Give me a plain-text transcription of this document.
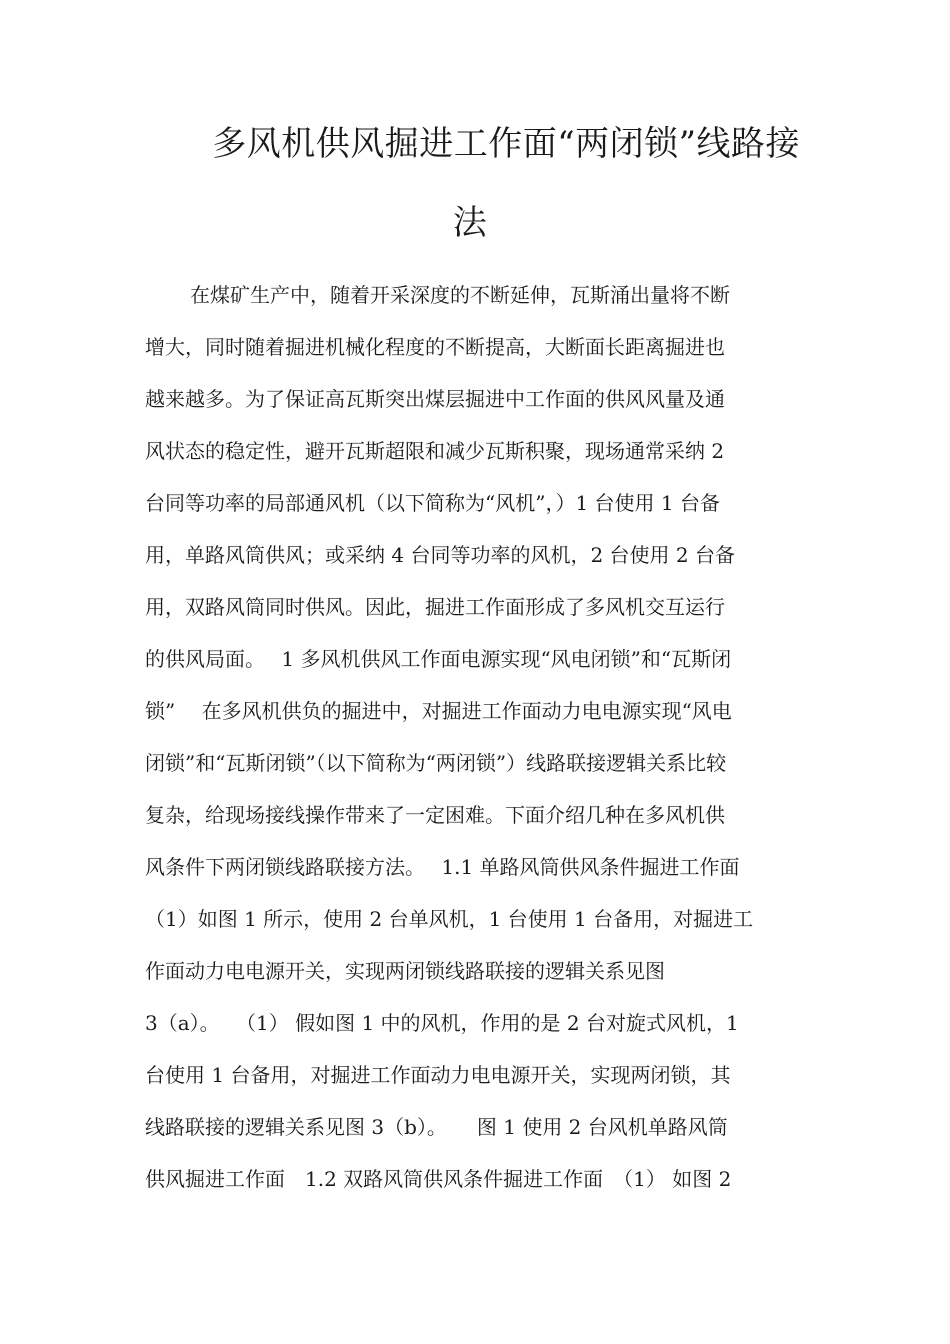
多风机供风掘进工作面“两闭锁”线路接
法

在煤矿生产中，随着开采深度的不断延伸，瓦斯涌出量将不断

增大，同时随着掘进机械化程度的不断提高，大断面长距离掘进也

越来越多。为了保证高瓦斯突出煤层掘进中工作面的供风风量及通

风状态的稳定性，避开瓦斯超限和减少瓦斯积聚，现场通常采纳 2

台同等功率的局部通风机（以下简称为“风机”，）1 台使用 1 台备

用，单路风筒供风；或采纳 4 台同等功率的风机，2 台使用 2 台备

用，双路风筒同时供风。因此，掘进工作面形成了多风机交互运行

的供风局面。　 1 多风机供风工作面电源实现“风电闭锁”和“瓦斯闭

锁”　 在多风机供负的掘进中，对掘进工作面动力电电源实现“风电

闭锁”和“瓦斯闭锁”（以下简称为“两闭锁”）线路联接逻辑关系比较

复杂，给现场接线操作带来了一定困难。下面介绍几种在多风机供

风条件下两闭锁线路联接方法。　 1.1 单路风筒供风条件掘进工作面

（1）如图 1 所示，使用 2 台单风机，1 台使用 1 台备用，对掘进工

作面动力电电源开关，实现两闭锁线路联接的逻辑关系见图

3（a）。　 （1） 假如图 1 中的风机，作用的是 2 台对旋式风机，1

台使用 1 台备用，对掘进工作面动力电电源开关，实现两闭锁，其

线路联接的逻辑关系见图 3（b）。　　图 1 使用 2 台风机单路风筒

供风掘进工作面　1.2 双路风筒供风条件掘进工作面　（1） 如图 2
